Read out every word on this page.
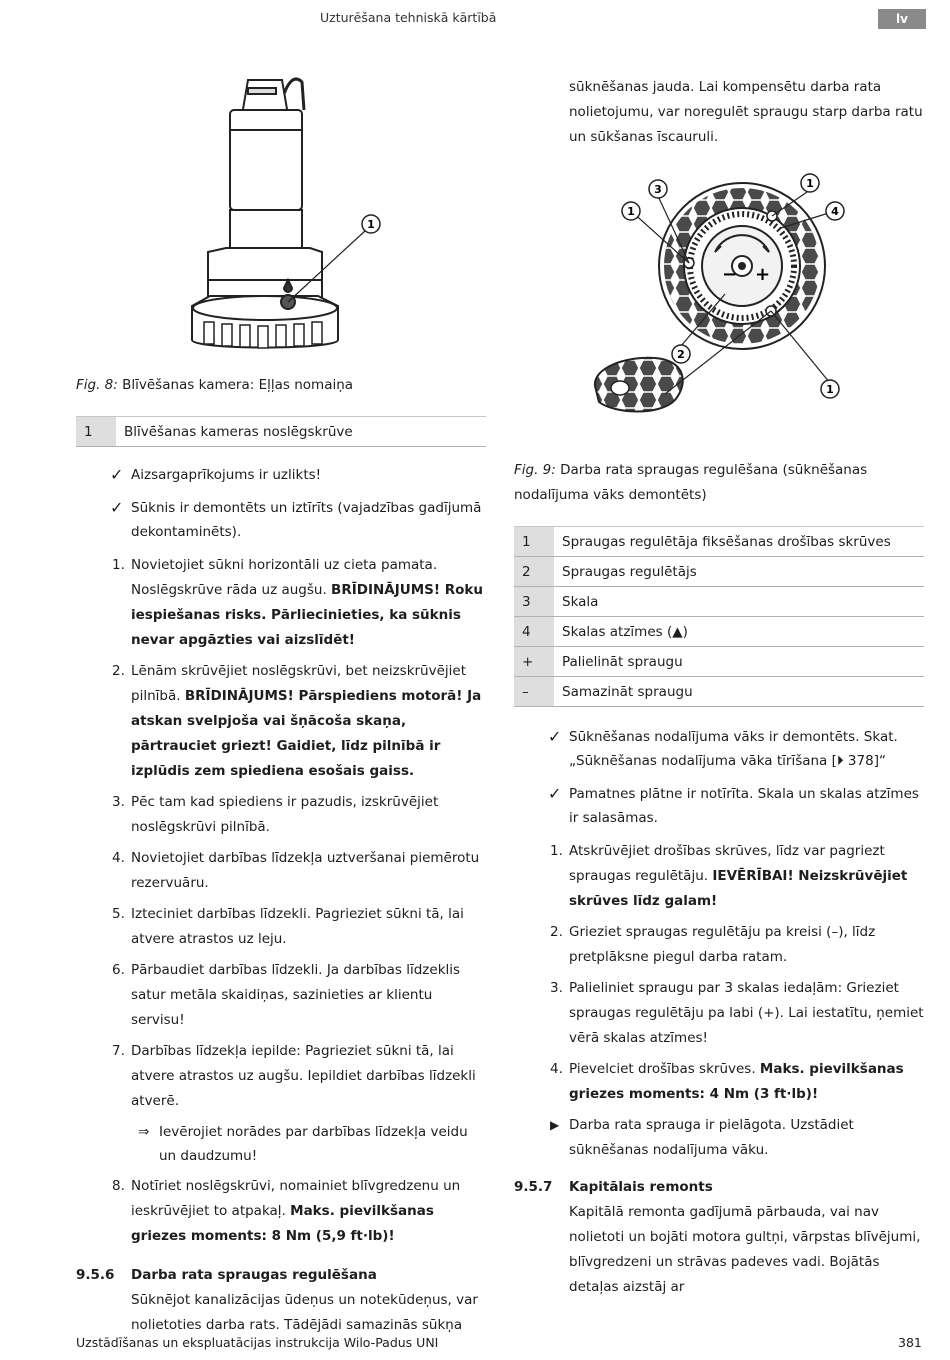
Uzturēšana tehniskā kārtībā	lv
1
Fig. 8: Blīvēšanas kamera: Eļļas nomaiņa
1	Blīvēšanas kameras noslēgskrūve
✓ Aizsargaprīkojums ir uzlikts!
✓ Sūknis ir demontēts un iztīrīts (vajadzības gadījumā dekontaminēts).
1. Novietojiet sūkni horizontāli uz cieta pamata. Noslēgskrūve rāda uz augšu. BRĪDINĀJUMS! Roku iespiešanas risks. Pārliecinieties, ka sūknis nevar apgāzties vai aizslīdēt!
2. Lēnām skrūvējiet noslēgskrūvi, bet neizskrūvējiet pilnībā. BRĪDINĀJUMS! Pārspiediens motorā! Ja atskan svelpjoša vai šņācoša skaņa, pārtrauciet griezt! Gaidiet, līdz pilnībā ir izplūdis zem spiediena esošais gaiss.
3. Pēc tam kad spiediens ir pazudis, izskrūvējiet noslēgskrūvi pilnībā.
4. Novietojiet darbības līdzekļa uztveršanai piemērotu rezervuāru.
5. Izteciniet darbības līdzekli. Pagrieziet sūkni tā, lai atvere atrastos uz leju.
6. Pārbaudiet darbības līdzekli. Ja darbības līdzeklis satur metāla skaidiņas, sazinieties ar klientu servisu!
7. Darbības līdzekļa iepilde: Pagrieziet sūkni tā, lai atvere atrastos uz augšu. Iepildiet darbības līdzekli atverē.
⇒ Ievērojiet norādes par darbības līdzekļa veidu un daudzumu!
8. Notīriet noslēgskrūvi, nomainiet blīvgredzenu un ieskrūvējiet to atpakaļ. Maks. pievilkšanas griezes moments: 8 Nm (5,9 ft·lb)!
9.5.6	Darba rata spraugas regulēšana
Sūknējot kanalizācijas ūdeņus un notekūdeņus, var nolietoties darba rats. Tādējādi samazinās sūkņa
sūknēšanas jauda. Lai kompensētu darba rata nolietojumu, var noregulēt spraugu starp darba ratu un sūkšanas īscauruli.
− +
3
1
1
4
2
1
Fig. 9: Darba rata spraugas regulēšana (sūknēšanas nodalījuma vāks demontēts)
1	Spraugas regulētāja fiksēšanas drošības skrūves
2	Spraugas regulētājs
3	Skala
4	Skalas atzīmes (▲)
+	Palielināt spraugu
–	Samazināt spraugu
✓ Sūknēšanas nodalījuma vāks ir demontēts. Skat. „Sūknēšanas nodalījuma vāka tīrīšana [⏵ 378]“
✓ Pamatnes plātne ir notīrīta. Skala un skalas atzīmes ir salasāmas.
1. Atskrūvējiet drošības skrūves, līdz var pagriezt spraugas regulētāju. IEVĒRĪBAI! Neizskrūvējiet skrūves līdz galam!
2. Grieziet spraugas regulētāju pa kreisi (–), līdz pretplāksne piegul darba ratam.
3. Palieliniet spraugu par 3 skalas iedaļām: Grieziet spraugas regulētāju pa labi (+). Lai iestatītu, ņemiet vērā skalas atzīmes!
4. Pievelciet drošības skrūves. Maks. pievilkšanas griezes moments: 4 Nm (3 ft·lb)!
▶ Darba rata sprauga ir pielāgota. Uzstādiet sūknēšanas nodalījuma vāku.
9.5.7	Kapitālais remonts
Kapitālā remonta gadījumā pārbauda, vai nav nolietoti un bojāti motora gultņi, vārpstas blīvējumi, blīvgredzeni un strāvas padeves vadi. Bojātās detaļas aizstāj ar
Uzstādīšanas un ekspluatācijas instrukcija Wilo-Padus UNI	381
